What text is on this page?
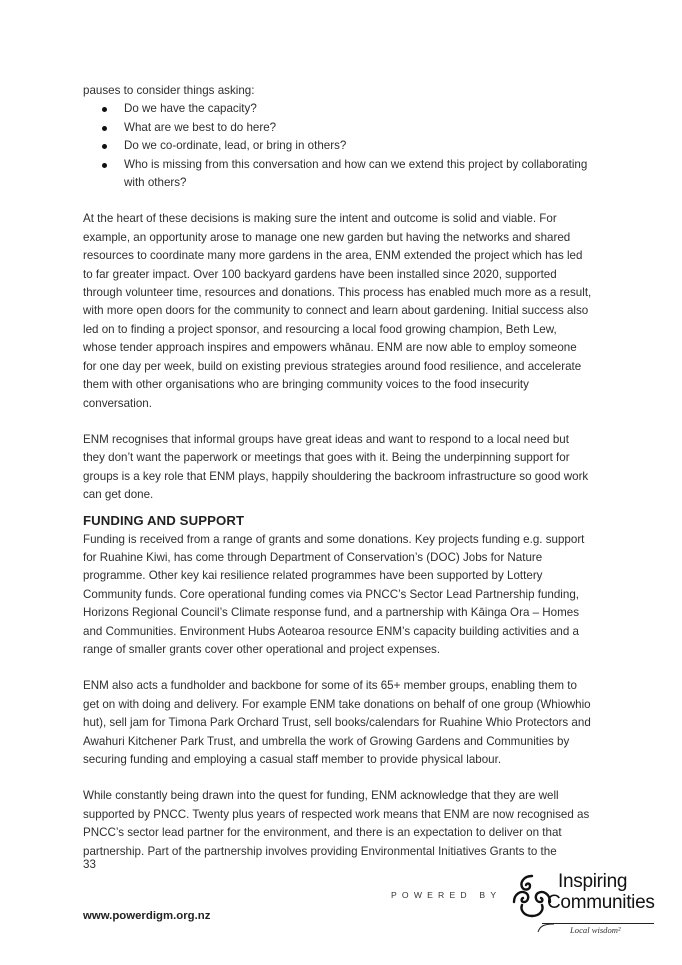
pauses to consider things asking:

Do we have the capacity?
What are we best to do here?
Do we co-ordinate, lead, or bring in others?
Who is missing from this conversation and how can we extend this project by collaborating with others?

At the heart of these decisions is making sure the intent and outcome is solid and viable. For example, an opportunity arose to manage one new garden but having the networks and shared resources to coordinate many more gardens in the area, ENM extended the project which has led to far greater impact. Over 100 backyard gardens have been installed since 2020, supported through volunteer time, resources and donations. This process has enabled much more as a result, with more open doors for the community to connect and learn about gardening. Initial success also led on to finding a project sponsor, and resourcing a local food growing champion, Beth Lew, whose tender approach inspires and empowers whānau. ENM are now able to employ someone for one day per week, build on existing previous strategies around food resilience, and accelerate them with other organisations who are bringing community voices to the food insecurity conversation.

ENM recognises that informal groups have great ideas and want to respond to a local need but they don’t want the paperwork or meetings that goes with it. Being the underpinning support for groups is a key role that ENM plays, happily shouldering the backroom infrastructure so good work can get done.

FUNDING AND SUPPORT

Funding is received from a range of grants and some donations. Key projects funding e.g. support for Ruahine Kiwi, has come through Department of Conservation’s (DOC) Jobs for Nature programme. Other key kai resilience related programmes have been supported by Lottery Community funds. Core operational funding comes via PNCC’s Sector Lead Partnership funding, Horizons Regional Council’s Climate response fund, and a partnership with Kāinga Ora – Homes and Communities. Environment Hubs Aotearoa resource ENM’s capacity building activities and a range of smaller grants cover other operational and project expenses.

ENM also acts a fundholder and backbone for some of its 65+ member groups, enabling them to get on with doing and delivery. For example ENM take donations on behalf of one group (Whiowhio hut), sell jam for Timona Park Orchard Trust, sell books/calendars for Ruahine Whio Protectors and Awahuri Kitchener Park Trust, and umbrella the work of Growing Gardens and Communities by securing funding and employing a casual staff member to provide physical labour.

While constantly being drawn into the quest for funding, ENM acknowledge that they are well supported by PNCC. Twenty plus years of respected work means that ENM are now recognised as PNCC’s sector lead partner for the environment, and there is an expectation to deliver on that partnership. Part of the partnership involves providing Environmental Initiatives Grants to the

33
www.powerdigm.org.nz
POWERED BY
Inspiring
Communities
Local wisdom²
